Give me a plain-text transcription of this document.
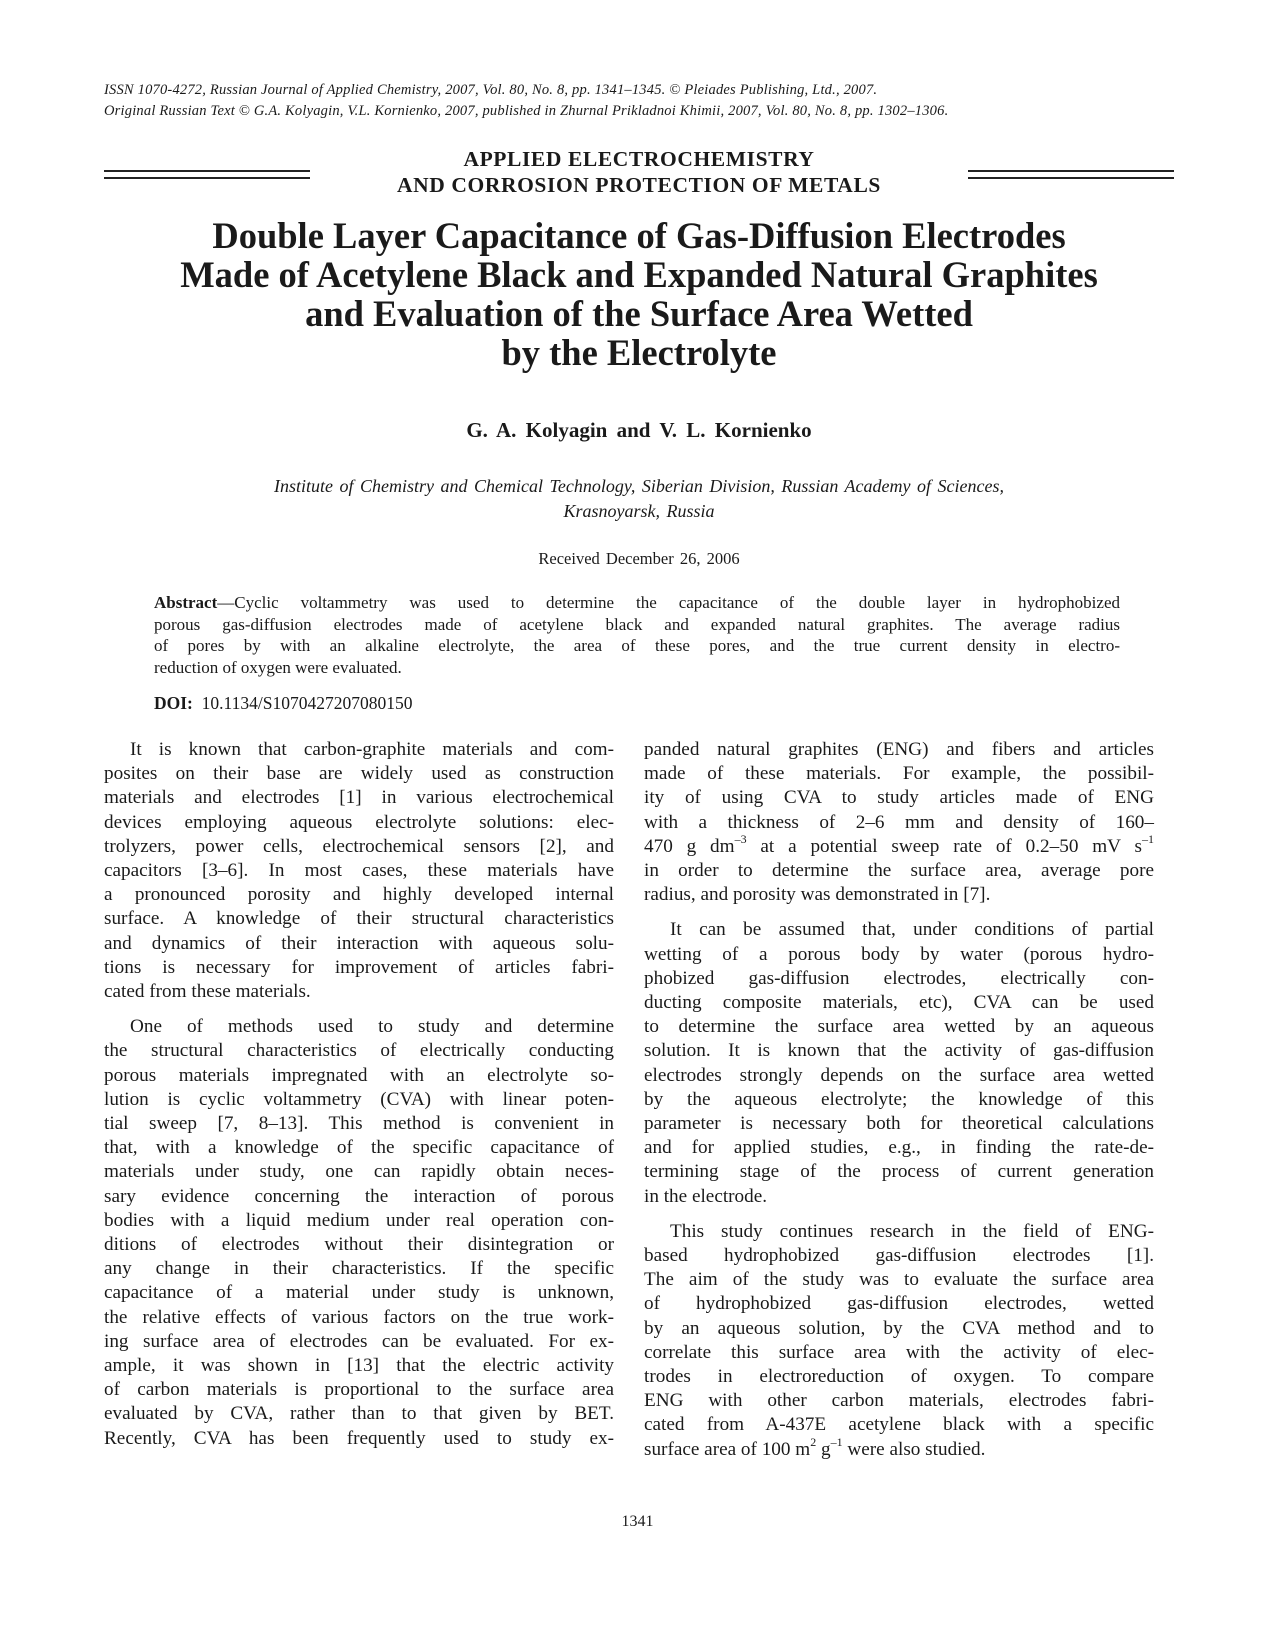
ISSN 1070-4272, Russian Journal of Applied Chemistry, 2007, Vol. 80, No. 8, pp. 1341–1345. © Pleiades Publishing, Ltd., 2007.
Original Russian Text © G.A. Kolyagin, V.L. Kornienko, 2007, published in Zhurnal Prikladnoi Khimii, 2007, Vol. 80, No. 8, pp. 1302–1306.
APPLIED ELECTROCHEMISTRY
AND CORROSION PROTECTION OF METALS
Double Layer Capacitance of Gas-Diffusion Electrodes
Made of Acetylene Black and Expanded Natural Graphites
and Evaluation of the Surface Area Wetted
by the Electrolyte
G. A. Kolyagin and V. L. Kornienko
Institute of Chemistry and Chemical Technology, Siberian Division, Russian Academy of Sciences,
Krasnoyarsk, Russia
Received December 26, 2006
Abstract—Cyclic voltammetry was used to determine the capacitance of the double layer in hydrophobized
porous gas-diffusion electrodes made of acetylene black and expanded natural graphites. The average radius
of pores by with an alkaline electrolyte, the area of these pores, and the true current density in electro-
reduction of oxygen were evaluated.
DOI: 10.1134/S1070427207080150
It is known that carbon-graphite materials and com-
posites on their base are widely used as construction
materials and electrodes [1] in various electrochemical
devices employing aqueous electrolyte solutions: elec-
trolyzers, power cells, electrochemical sensors [2], and
capacitors [3–6]. In most cases, these materials have
a pronounced porosity and highly developed internal
surface. A knowledge of their structural characteristics
and dynamics of their interaction with aqueous solu-
tions is necessary for improvement of articles fabri-
cated from these materials.
One of methods used to study and determine
the structural characteristics of electrically conducting
porous materials impregnated with an electrolyte so-
lution is cyclic voltammetry (CVA) with linear poten-
tial sweep [7, 8–13]. This method is convenient in
that, with a knowledge of the specific capacitance of
materials under study, one can rapidly obtain neces-
sary evidence concerning the interaction of porous
bodies with a liquid medium under real operation con-
ditions of electrodes without their disintegration or
any change in their characteristics. If the specific
capacitance of a material under study is unknown,
the relative effects of various factors on the true work-
ing surface area of electrodes can be evaluated. For ex-
ample, it was shown in [13] that the electric activity
of carbon materials is proportional to the surface area
evaluated by CVA, rather than to that given by BET.
Recently, CVA has been frequently used to study ex-
panded natural graphites (ENG) and fibers and articles
made of these materials. For example, the possibil-
ity of using CVA to study articles made of ENG
with a thickness of 2–6 mm and density of 160–
470 g $dm^{-3}$ at a potential sweep rate of 0.2–50 mV $s^{-1}$
in order to determine the surface area, average pore
radius, and porosity was demonstrated in [7].
It can be assumed that, under conditions of partial
wetting of a porous body by water (porous hydro-
phobized gas-diffusion electrodes, electrically con-
ducting composite materials, etc), CVA can be used
to determine the surface area wetted by an aqueous
solution. It is known that the activity of gas-diffusion
electrodes strongly depends on the surface area wetted
by the aqueous electrolyte; the knowledge of this
parameter is necessary both for theoretical calculations
and for applied studies, e.g., in finding the rate-de-
termining stage of the process of current generation
in the electrode.
This study continues research in the field of ENG-
based hydrophobized gas-diffusion electrodes [1].
The aim of the study was to evaluate the surface area
of hydrophobized gas-diffusion electrodes, wetted
by an aqueous solution, by the CVA method and to
correlate this surface area with the activity of elec-
trodes in electroreduction of oxygen. To compare
ENG with other carbon materials, electrodes fabri-
cated from A-437E acetylene black with a specific
surface area of 100 $m^2$ $g^{-1}$ were also studied.
1341
